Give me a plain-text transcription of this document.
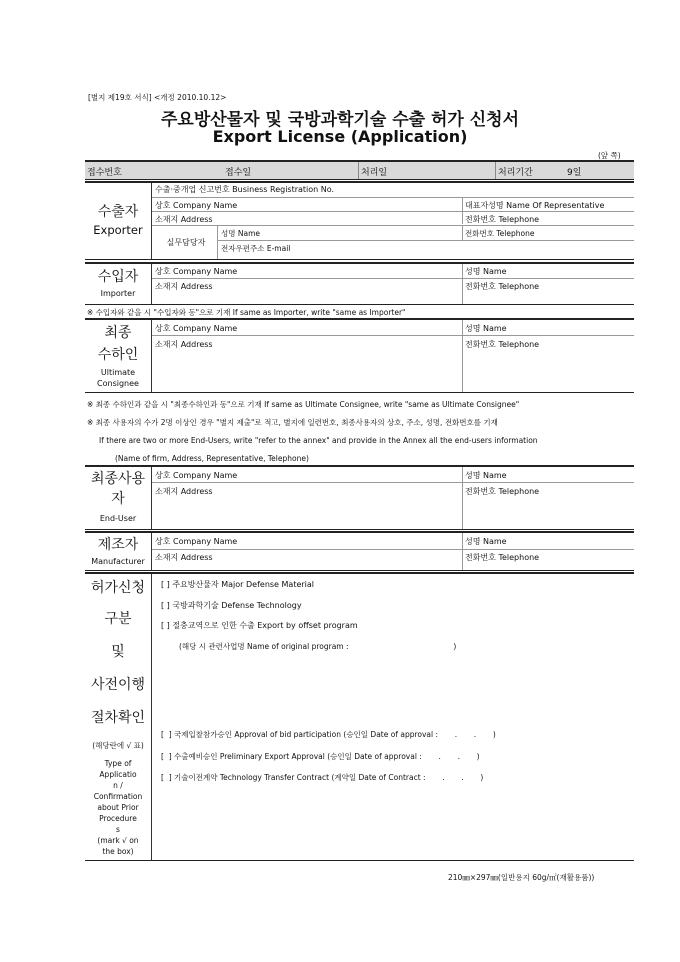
[별지 제19호 서식] <개정 2010.10.12>
주요방산물자 및 국방과학기술 수출 허가 신청서
Export License (Application)
(앞 쪽)
접수번호	접수일	처리일	처리기간	9일
수출자
Exporter
수출·중개업 신고번호 Business Registration No.
상호 Company Name	대표자성명 Name Of Representative
소재지 Address	전화번호 Telephone
실무담당자
성명 Name	전화번호 Telephone
전자우편주소 E-mail
수입자
Importer
상호 Company Name	성명 Name
소재지 Address	전화번호 Telephone
※ 수입자와 같을 시 "수입자와 동"으로 기재 If same as Importer, write "same as Importer"
최종
수하인
Ultimate
Consignee
상호 Company Name	성명 Name
소재지 Address	전화번호 Telephone
※ 최종 수하인과 같을 시 "최종수하인과 동"으로 기재 If same as Ultimate Consignee, write "same as Ultimate Consignee"
※ 최종 사용자의 수가 2명 이상인 경우 "별지 제출"로 적고, 별지에 일련번호, 최종사용자의 상호, 주소, 성명, 전화번호를 기재
If there are two or more End-Users, write "refer to the annex" and provide in the Annex all the end-users information
(Name of firm, Address, Representative, Telephone)
최종사용
자
End-User
상호 Company Name	성명 Name
소재지 Address	전화번호 Telephone
제조자
Manufacturer
상호 Company Name	성명 Name
소재지 Address	전화번호 Telephone
허가신청
구분
및
사전이행
절차확인
(해당란에 √ 표)
Type of
Applicatio
n /
Confirmation
about Prior
Procedure
s
(mark √ on
the box)
[ ] 주요방산물자 Major Defense Material
[ ] 국방과학기술 Defense Technology
[ ] 절충교역으로 인한 수출 Export by offset program
(해당 시 관련사업명 Name of original program :                                            )
[  ] 국제입찰참가승인 Approval of bid participation (승인일 Date of approval :       .       .       )
[  ] 수출예비승인 Preliminary Export Approval (승인일 Date of approval :       .       .       )
[  ] 기술이전계약 Technology Transfer Contract (계약일 Date of Contract :       .       .       )
210㎜×297㎜(일반용지 60g/㎡(재활용품))
